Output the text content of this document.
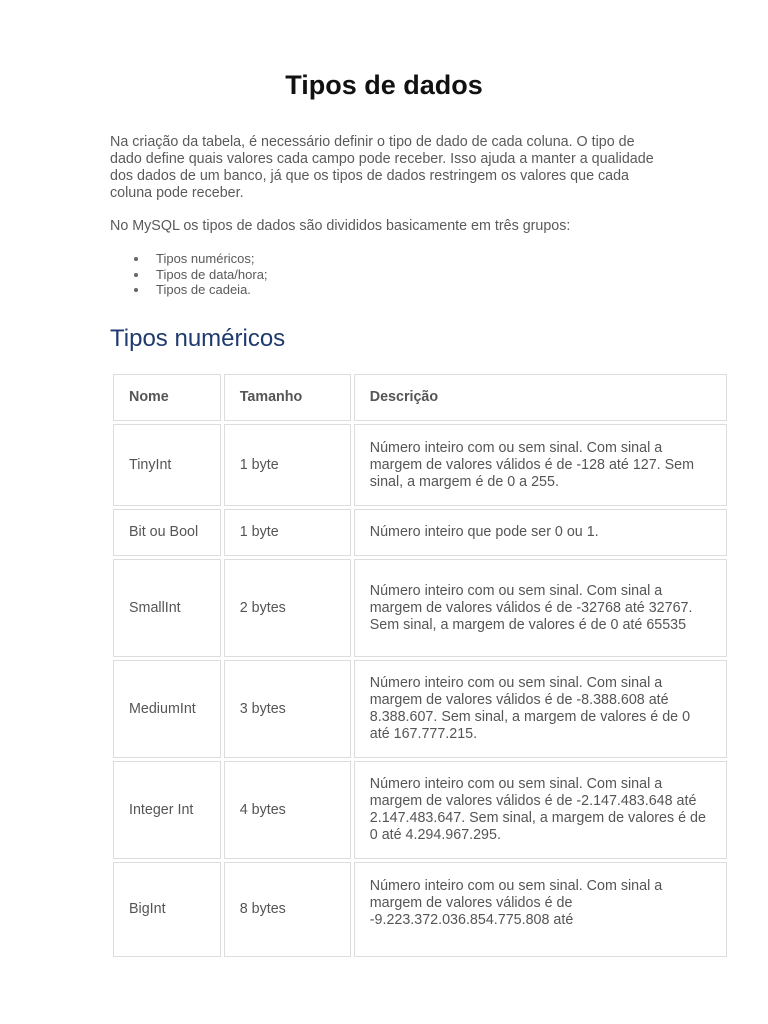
Tipos de dados

Na criação da tabela, é necessário definir o tipo de dado de cada coluna. O tipo de dado define quais valores cada campo pode receber. Isso ajuda a manter a qualidade dos dados de um banco, já que os tipos de dados restringem os valores que cada coluna pode receber.

No MySQL os tipos de dados são divididos basicamente em três grupos:

Tipos numéricos;
Tipos de data/hora;
Tipos de cadeia.
Tipos numéricos
Nome	Tamanho	Descrição
TinyInt	1 byte	Número inteiro com ou sem sinal. Com sinal a margem de valores válidos é de -128 até 127. Sem sinal, a margem é de 0 a 255.
Bit ou Bool	1 byte	Número inteiro que pode ser 0 ou 1.
SmallInt	2 bytes	Número inteiro com ou sem sinal. Com sinal a margem de valores válidos é de -32768 até 32767. Sem sinal, a margem de valores é de 0 até 65535
MediumInt	3 bytes	Número inteiro com ou sem sinal. Com sinal a margem de valores válidos é de -8.388.608 até 8.388.607. Sem sinal, a margem de valores é de 0 até 167.777.215.
Integer Int	4 bytes	Número inteiro com ou sem sinal. Com sinal a margem de valores válidos é de -2.147.483.648 até 2.147.483.647. Sem sinal, a margem de valores é de 0 até 4.294.967.295.
BigInt	8 bytes	Número inteiro com ou sem sinal. Com sinal a margem de valores válidos é de -9.223.372.036.854.775.808 até
